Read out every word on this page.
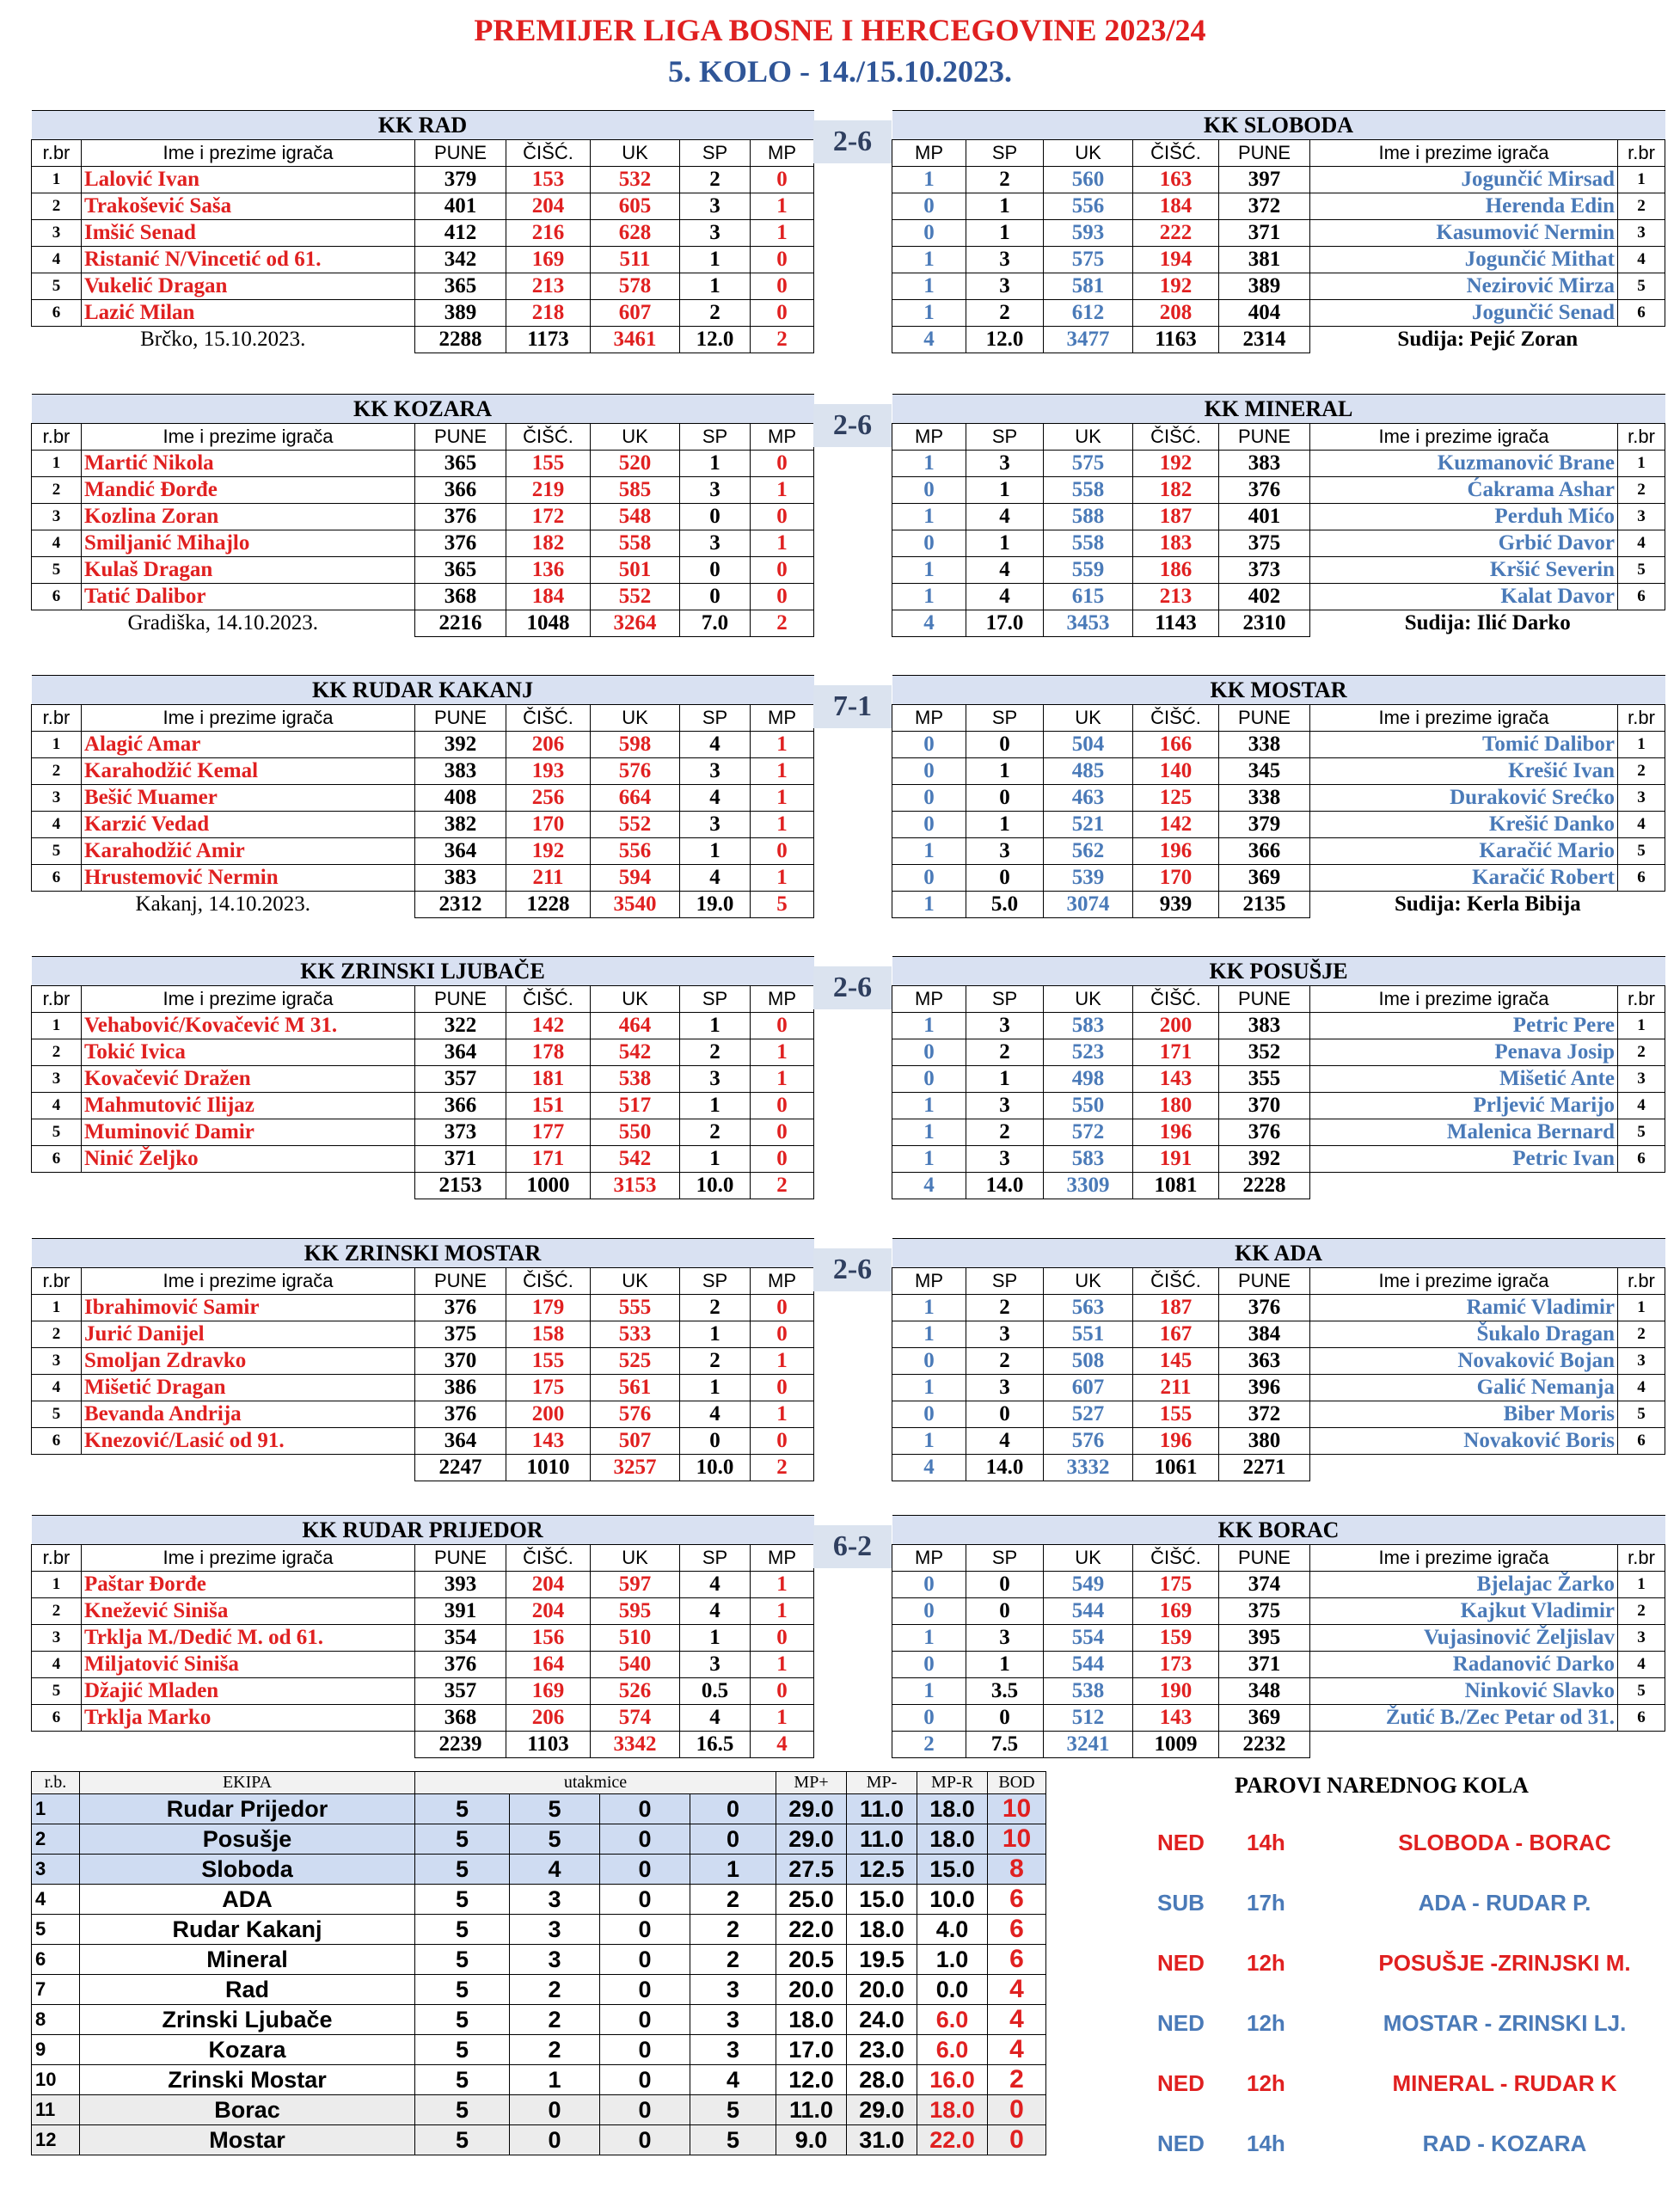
PREMIJER LIGA BOSNE I HERCEGOVINE 2023/24
5. KOLO - 14./15.10.2023.
KK RAD						
r.br	Ime i prezime igrača	PUNE	ČIŠĆ.	UK	SP	MP
1	Lalović Ivan	379	153	532	2	0
2	Trakošević Saša	401	204	605	3	1
3	Imšić Senad	412	216	628	3	1
4	Ristanić N/Vincetić od 61.	342	169	511	1	0
5	Vukelić Dragan	365	213	578	1	0
6	Lazić Milan	389	218	607	2	0
Brčko, 15.10.2023.		2288	1173	3461	12.0	2
2-6
KK SLOBODA						
MP	SP	UK	ČIŠĆ.	PUNE	Ime i prezime igrača	r.br
1	2	560	163	397	Jogunčić Mirsad	1
0	1	556	184	372	Herenda Edin	2
0	1	593	222	371	Kasumović Nermin	3
1	3	575	194	381	Jogunčić Mithat	4
1	3	581	192	389	Nezirović Mirza	5
1	2	612	208	404	Jogunčić Senad	6
4	12.0	3477	1163	2314	Sudija: Pejić Zoran	
KK KOZARA						
r.br	Ime i prezime igrača	PUNE	ČIŠĆ.	UK	SP	MP
1	Martić Nikola	365	155	520	1	0
2	Mandić Đorđe	366	219	585	3	1
3	Kozlina Zoran	376	172	548	0	0
4	Smiljanić Mihajlo	376	182	558	3	1
5	Kulaš Dragan	365	136	501	0	0
6	Tatić Dalibor	368	184	552	0	0
Gradiška, 14.10.2023.		2216	1048	3264	7.0	2
2-6
KK MINERAL						
MP	SP	UK	ČIŠĆ.	PUNE	Ime i prezime igrača	r.br
1	3	575	192	383	Kuzmanović Brane	1
0	1	558	182	376	Ćakrama Ashar	2
1	4	588	187	401	Perduh Mićo	3
0	1	558	183	375	Grbić Davor	4
1	4	559	186	373	Kršić Severin	5
1	4	615	213	402	Kalat Davor	6
4	17.0	3453	1143	2310	Sudija: Ilić Darko	
KK RUDAR KAKANJ						
r.br	Ime i prezime igrača	PUNE	ČIŠĆ.	UK	SP	MP
1	Alagić Amar	392	206	598	4	1
2	Karahodžić Kemal	383	193	576	3	1
3	Bešić Muamer	408	256	664	4	1
4	Karzić Vedad	382	170	552	3	1
5	Karahodžić Amir	364	192	556	1	0
6	Hrustemović Nermin	383	211	594	4	1
Kakanj, 14.10.2023.		2312	1228	3540	19.0	5
7-1
KK MOSTAR						
MP	SP	UK	ČIŠĆ.	PUNE	Ime i prezime igrača	r.br
0	0	504	166	338	Tomić Dalibor	1
0	1	485	140	345	Krešić Ivan	2
0	0	463	125	338	Duraković Srećko	3
0	1	521	142	379	Krešić Danko	4
1	3	562	196	366	Karačić Mario	5
0	0	539	170	369	Karačić Robert	6
1	5.0	3074	939	2135	Sudija: Kerla Bibija	
KK ZRINSKI LJUBAČE						
r.br	Ime i prezime igrača	PUNE	ČIŠĆ.	UK	SP	MP
1	Vehabović/Kovačević M 31.	322	142	464	1	0
2	Tokić Ivica	364	178	542	2	1
3	Kovačević Dražen	357	181	538	3	1
4	Mahmutović Ilijaz	366	151	517	1	0
5	Muminović Damir	373	177	550	2	0
6	Ninić Željko	371	171	542	1	0
		2153	1000	3153	10.0	2
2-6
KK POSUŠJE						
MP	SP	UK	ČIŠĆ.	PUNE	Ime i prezime igrača	r.br
1	3	583	200	383	Petric Pere	1
0	2	523	171	352	Penava Josip	2
0	1	498	143	355	Mišetić Ante	3
1	3	550	180	370	Prljević Marijo	4
1	2	572	196	376	Malenica Bernard	5
1	3	583	191	392	Petric Ivan	6
4	14.0	3309	1081	2228		
KK ZRINSKI MOSTAR						
r.br	Ime i prezime igrača	PUNE	ČIŠĆ.	UK	SP	MP
1	Ibrahimović Samir	376	179	555	2	0
2	Jurić Danijel	375	158	533	1	0
3	Smoljan Zdravko	370	155	525	2	1
4	Mišetić Dragan	386	175	561	1	0
5	Bevanda Andrija	376	200	576	4	1
6	Knezović/Lasić od 91.	364	143	507	0	0
		2247	1010	3257	10.0	2
2-6
KK ADA						
MP	SP	UK	ČIŠĆ.	PUNE	Ime i prezime igrača	r.br
1	2	563	187	376	Ramić Vladimir	1
1	3	551	167	384	Šukalo Dragan	2
0	2	508	145	363	Novaković Bojan	3
1	3	607	211	396	Galić Nemanja	4
0	0	527	155	372	Biber Moris	5
1	4	576	196	380	Novaković Boris	6
4	14.0	3332	1061	2271		
KK RUDAR PRIJEDOR						
r.br	Ime i prezime igrača	PUNE	ČIŠĆ.	UK	SP	MP
1	Paštar Đorđe	393	204	597	4	1
2	Knežević Siniša	391	204	595	4	1
3	Trklja M./Dedić M. od 61.	354	156	510	1	0
4	Miljatović Siniša	376	164	540	3	1
5	Džajić Mladen	357	169	526	0.5	0
6	Trklja Marko	368	206	574	4	1
		2239	1103	3342	16.5	4
6-2
KK BORAC						
MP	SP	UK	ČIŠĆ.	PUNE	Ime i prezime igrača	r.br
0	0	549	175	374	Bjelajac Žarko	1
0	0	544	169	375	Kajkut Vladimir	2
1	3	554	159	395	Vujasinović Željislav	3
0	1	544	173	371	Radanović Darko	4
1	3.5	538	190	348	Ninković Slavko	5
0	0	512	143	369	Žutić B./Zec Petar od 31.	6
2	7.5	3241	1009	2232		
r.b.	EKIPA	utakmice				MP+	MP-	MP-R	BOD
1	Rudar Prijedor	5	5	0	0	29.0	11.0	18.0	10
2	Posušje	5	5	0	0	29.0	11.0	18.0	10
3	Sloboda	5	4	0	1	27.5	12.5	15.0	8
4	ADA	5	3	0	2	25.0	15.0	10.0	6
5	Rudar Kakanj	5	3	0	2	22.0	18.0	4.0	6
6	Mineral	5	3	0	2	20.5	19.5	1.0	6
7	Rad	5	2	0	3	20.0	20.0	0.0	4
8	Zrinski Ljubače	5	2	0	3	18.0	24.0	6.0	4
9	Kozara	5	2	0	3	17.0	23.0	6.0	4
10	Zrinski Mostar	5	1	0	4	12.0	28.0	16.0	2
11	Borac	5	0	0	5	11.0	29.0	18.0	0
12	Mostar	5	0	0	5	9.0	31.0	22.0	0
PAROVI NAREDNOG KOLA
NED 14h	SLOBODA - BORAC
SUB 17h	ADA - RUDAR P.
NED 12h	POSUŠJE -ZRINJSKI M.
NED 12h	MOSTAR - ZRINSKI LJ.
NED 12h	MINERAL - RUDAR K
NED 14h	RAD - KOZARA
